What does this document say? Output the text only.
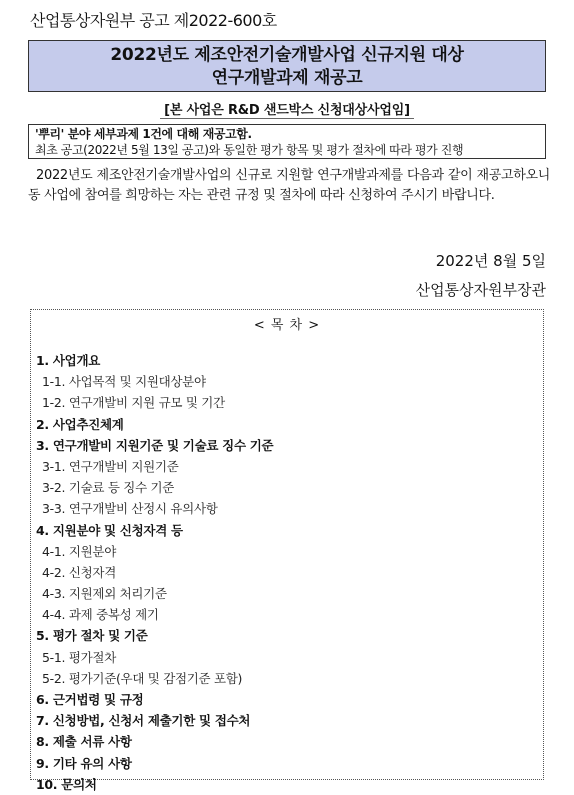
산업통상자원부 공고 제2022-600호
2022년도 제조안전기술개발사업 신규지원 대상
연구개발과제 재공고
[본 사업은 R&D 샌드박스 신청대상사업임]
'뿌리' 분야 세부과제 1건에 대해 재공고함.
최초 공고(2022년 5월 13일 공고)와 동일한 평가 항목 및 평가 절차에 따라 평가 진행
2022년도 제조안전기술개발사업의 신규로 지원할 연구개발과제를 다음과 같이 재공고하오니 동 사업에 참여를 희망하는 자는 관련 규정 및 절차에 따라 신청하여 주시기 바랍니다.
2022년 8월 5일
산업통상자원부장관
< 목 차 >
1. 사업개요
1-1. 사업목적 및 지원대상분야
1-2. 연구개발비 지원 규모 및 기간
2. 사업추진체계
3. 연구개발비 지원기준 및 기술료 징수 기준
3-1. 연구개발비 지원기준
3-2. 기술료 등 징수 기준
3-3. 연구개발비 산정시 유의사항
4. 지원분야 및 신청자격 등
4-1. 지원분야
4-2. 신청자격
4-3. 지원제외 처리기준
4-4. 과제 중복성 제기
5. 평가 절차 및 기준
5-1. 평가절차
5-2. 평가기준(우대 및 감점기준 포함)
6. 근거법령 및 규정
7. 신청방법, 신청서 제출기한 및 접수처
8. 제출 서류 사항
9. 기타 유의 사항
10. 문의처
